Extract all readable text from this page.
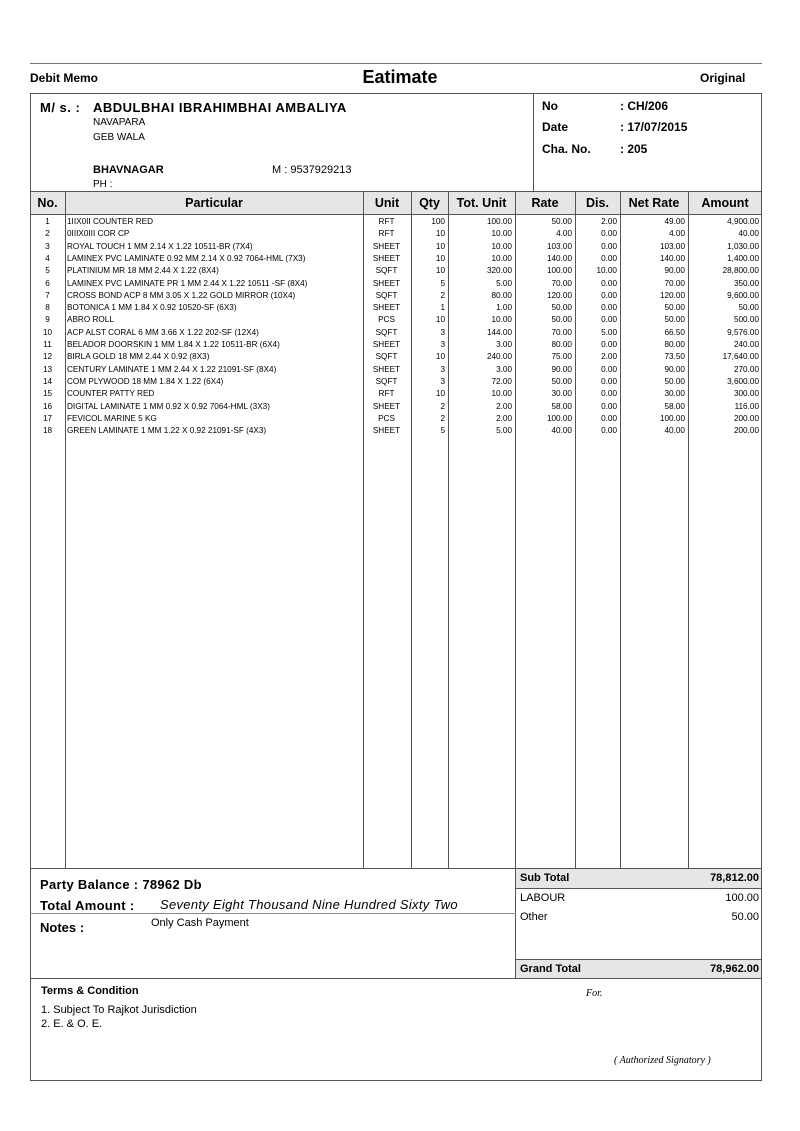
Debit Memo	Eatimate	Original
M/ s. : ABDULBHAI IBRAHIMBHAI AMBALIYA
NAVAPARA
GEB WALA
BHAVNAGAR	M : 9537929213
PH :
No	: CH/206
Date	: 17/07/2015
Cha. No. : 205
No.	Particular	Unit	Qty	Tot. Unit	Rate	Dis.	Net Rate	Amount
1	1IIX0II COUNTER RED	RFT	100	100.00	50.00	2.00	49.00	4,900.00
2	0IIIX0III COR CP	RFT	10	10.00	4.00	0.00	4.00	40.00
3	ROYAL TOUCH 1 MM 2.14 X 1.22 10511-BR (7X4)	SHEET	10	10.00	103.00	0.00	103.00	1,030.00
4	LAMINEX PVC LAMINATE 0.92 MM 2.14 X 0.92 7064-HML (7X3)	SHEET	10	10.00	140.00	0.00	140.00	1,400.00
5	PLATINIUM MR 18 MM 2.44 X 1.22 (8X4)	SQFT	10	320.00	100.00	10.00	90.00	28,800.00
6	LAMINEX PVC LAMINATE PR 1 MM 2.44 X 1.22 10511 -SF (8X4)	SHEET	5	5.00	70.00	0.00	70.00	350.00
7	CROSS BOND ACP 8 MM 3.05 X 1.22 GOLD MIRROR (10X4)	SQFT	2	80.00	120.00	0.00	120.00	9,600.00
8	BOTONICA 1 MM 1.84 X 0.92 10520-SF (6X3)	SHEET	1	1.00	50.00	0.00	50.00	50.00
9	ABRO ROLL	PCS	10	10.00	50.00	0.00	50.00	500.00
10	ACP ALST CORAL 6 MM 3.66 X 1.22 202-SF (12X4)	SQFT	3	144.00	70.00	5.00	66.50	9,576.00
11	BELADOR DOORSKIN 1 MM 1.84 X 1.22 10511-BR (6X4)	SHEET	3	3.00	80.00	0.00	80.00	240.00
12	BIRLA GOLD 18 MM 2.44 X 0.92 (8X3)	SQFT	10	240.00	75.00	2.00	73.50	17,640.00
13	CENTURY LAMINATE 1 MM 2.44 X 1.22 21091-SF (8X4)	SHEET	3	3.00	90.00	0.00	90.00	270.00
14	COM PLYWOOD 18 MM 1.84 X 1.22 (6X4)	SQFT	3	72.00	50.00	0.00	50.00	3,600.00
15	COUNTER PATTY RED	RFT	10	10.00	30.00	0.00	30.00	300.00
16	DIGITAL LAMINATE 1 MM 0.92 X 0.92 7064-HML (3X3)	SHEET	2	2.00	58.00	0.00	58.00	116.00
17	FEVICOL MARINE 5 KG	PCS	2	2.00	100.00	0.00	100.00	200.00
18	GREEN LAMINATE 1 MM 1.22 X 0.92 21091-SF (4X3)	SHEET	5	5.00	40.00	0.00	40.00	200.00
Party Balance : 78962 Db
Total Amount : Seventy Eight Thousand Nine Hundred Sixty Two
Notes :	Only Cash Payment
Sub Total	78,812.00
LABOUR	100.00
Other	50.00
Grand Total	78,962.00
Terms & Condition
1. Subject To Rajkot Jurisdiction
2. E. & O. E.
For.
( Authorized Signatory )
